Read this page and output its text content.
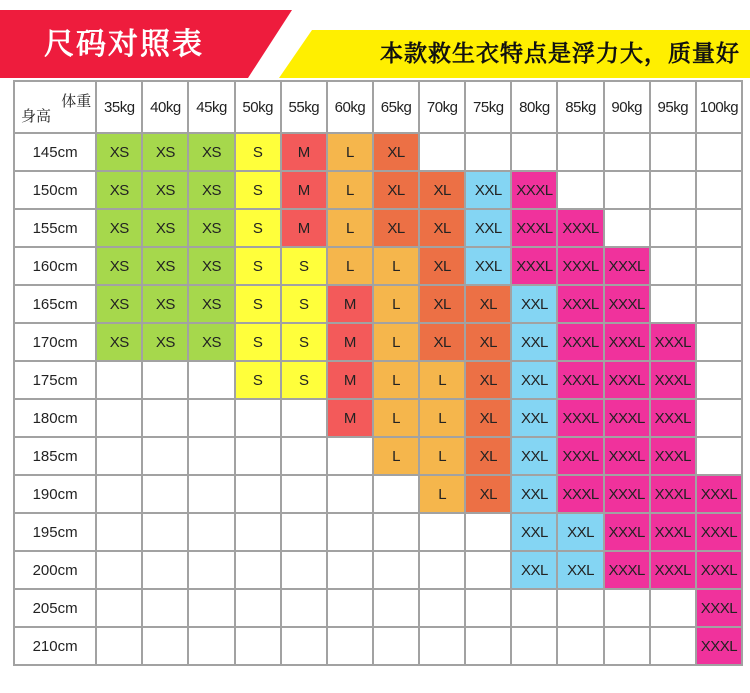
尺码对照表	本款救生衣特点是浮力大，质量好
体重
身高	35kg	40kg	45kg	50kg	55kg	60kg	65kg	70kg	75kg	80kg	85kg	90kg	95kg	100kg
145cm	XS	XS	XS	S	M	L	XL							
150cm	XS	XS	XS	S	M	L	XL	XL	XXL	XXXL				
155cm	XS	XS	XS	S	M	L	XL	XL	XXL	XXXL	XXXL			
160cm	XS	XS	XS	S	S	L	L	XL	XXL	XXXL	XXXL	XXXL		
165cm	XS	XS	XS	S	S	M	L	XL	XL	XXL	XXXL	XXXL		
170cm	XS	XS	XS	S	S	M	L	XL	XL	XXL	XXXL	XXXL	XXXL	
175cm				S	S	M	L	L	XL	XXL	XXXL	XXXL	XXXL	
180cm						M	L	L	XL	XXL	XXXL	XXXL	XXXL	
185cm							L	L	XL	XXL	XXXL	XXXL	XXXL	
190cm								L	XL	XXL	XXXL	XXXL	XXXL	XXXL
195cm										XXL	XXL	XXXL	XXXL	XXXL
200cm										XXL	XXL	XXXL	XXXL	XXXL
205cm														XXXL
210cm														XXXL
